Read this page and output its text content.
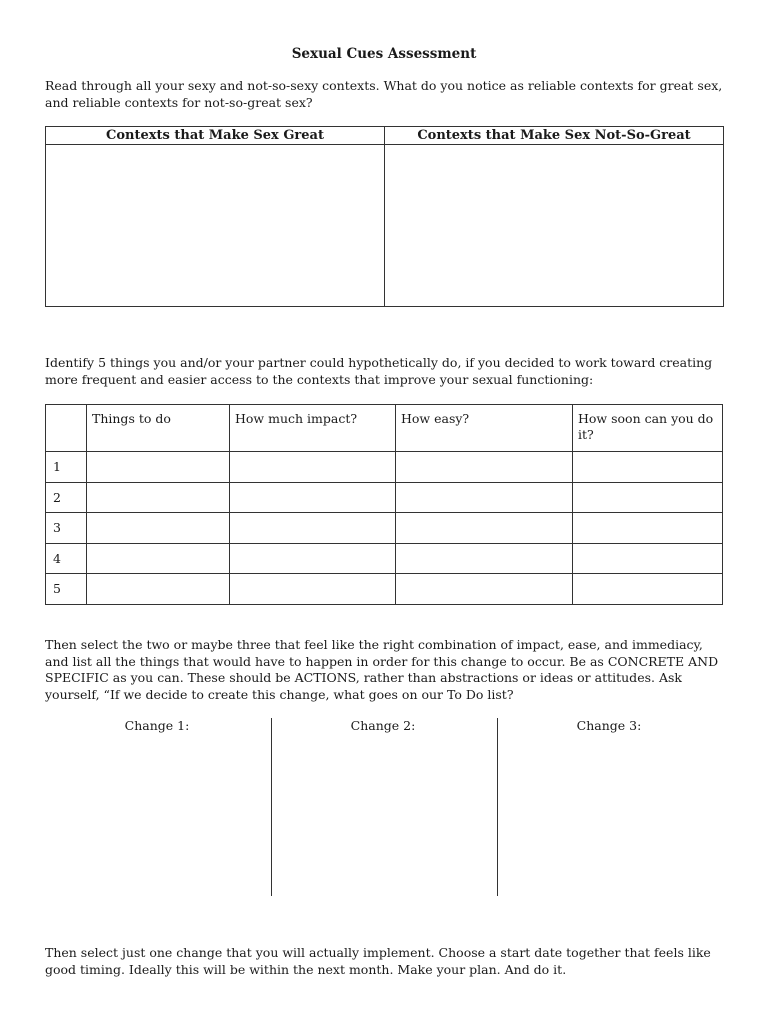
Sexual Cues Assessment
Read through all your sexy and not-so-sexy contexts. What do you notice as reliable contexts for great sex, and reliable contexts for not-so-great sex?
Contexts that Make Sex Great	Contexts that Make Sex Not-So-Great

Identify 5 things you and/or your partner could hypothetically do, if you decided to work toward creating more frequent and easier access to the contexts that improve your sexual functioning:
	Things to do	How much impact?	How easy?	How soon can you do it?
1				
2				
3				
4				
5				
Then select the two or maybe three that feel like the right combination of impact, ease, and immediacy, and list all the things that would have to happen in order for this change to occur. Be as CONCRETE AND SPECIFIC as you can. These should be ACTIONS, rather than abstractions or ideas or attitudes. Ask yourself, “If we decide to create this change, what goes on our To Do list?
Change 1:	Change 2:	Change 3:
Then select just one change that you will actually implement. Choose a start date together that feels like good timing. Ideally this will be within the next month. Make your plan. And do it.
